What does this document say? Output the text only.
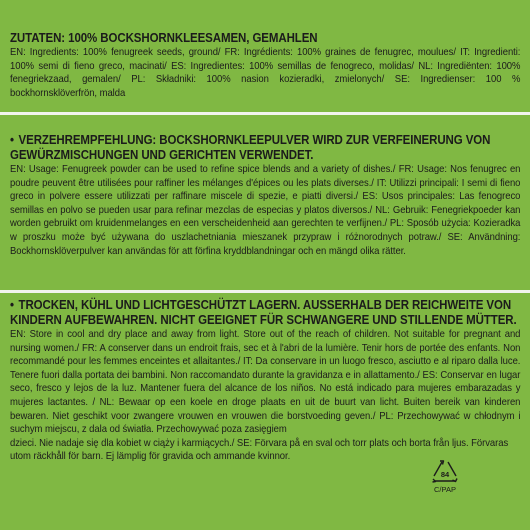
ZUTATEN: 100% BOCKSHORNKLEESAMEN, GEMAHLEN
EN: Ingredients: 100% fenugreek seeds, ground/ FR: Ingrédients: 100% graines de fenugrec, moulues/ IT: Ingredienti: 100% semi di fieno greco, macinati/ ES: Ingredientes: 100% semillas de fenogreco, molidas/ NL: Ingrediënten: 100% fenegriekzaad, gemalen/ PL: Składniki: 100% nasion kozieradki, zmielonych/ SE: Ingredienser: 100 % bockhornsklöverfrön, malda
• VERZEHREMPFEHLUNG: BOCKSHORNKLEEPULVER WIRD ZUR VERFEINERUNG VON GEWÜRZMISCHUNGEN UND GERICHTEN VERWENDET.
EN: Usage: Fenugreek powder can be used to refine spice blends and a variety of dishes./ FR: Usage: Nos fenugrec en poudre peuvent être utilisées pour raffiner les mélanges d'épices ou les plats diverses./ IT: Utilizzi principali: I semi di fieno greco in polvere essere utilizzati per raffinare miscele di spezie, e piatti diversi./ ES: Usos principales: Las fenogreco semillas en polvo se pueden usar para refinar mezclas de especias y platos diversos./ NL: Gebruik: Fenegriekpoeder kan worden gebruikt om kruidenmelanges en een verscheidenheid aan gerechten te verfijnen./ PL: Sposób użycia: Kozieradka w proszku może być używana do uszlachetniania mieszanek przypraw i różnorodnych potraw./ SE: Användning: Bockhornsklöverpulver kan användas för att förfina kryddblandningar och en mängd olika rätter.
• TROCKEN, KÜHL UND LICHTGESCHÜTZT LAGERN. AUSSERHALB DER REICHWEITE VON KINDERN AUFBEWAHREN. NICHT GEEIGNET FÜR SCHWANGERE UND STILLENDE MÜTTER.
EN: Store in cool and dry place and away from light. Store out of the reach of children. Not suitable for pregnant and nursing women./ FR: A conserver dans un endroit frais, sec et à l'abri de la lumière. Tenir hors de portée des enfants. Non recommandé pour les femmes enceintes et allaitantes./ IT: Da conservare in un luogo fresco, asciutto e al riparo dalla luce. Tenere fuori dalla portata dei bambini. Non raccomandato durante la gravidanza e in allattamento./ ES: Conservar en lugar seco, fresco y lejos de la luz. Mantener fuera del alcance de los niños. No está indicado para mujeres embarazadas y mujeres lactantes. / NL: Bewaar op een koele en droge plaats en uit de buurt van licht. Buiten bereik van kinderen bewaren. Niet geschikt voor zwangere vrouwen en vrouwen die borstvoeding geven./ PL: Przechowywać w chłodnym i suchym miejscu, z dala od światła. Przechowywać poza zasięgiem
dzieci. Nie nadaje się dla kobiet w ciąży i karmiących./ SE: Förvara på en sval och torr plats och borta från ljus. Förvaras utom räckhåll för barn. Ej lämplig för gravida och ammande kvinnor.
84
C/PAP
